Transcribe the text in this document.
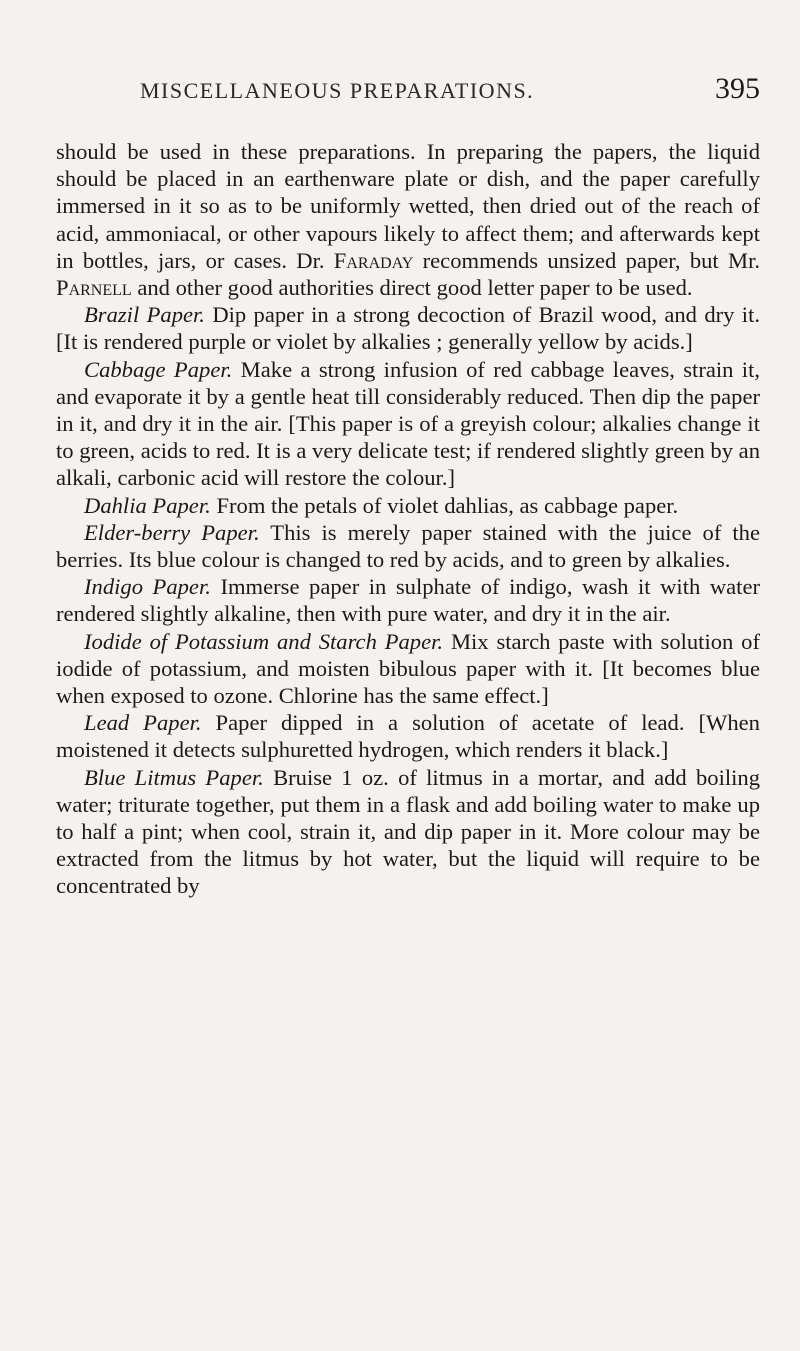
MISCELLANEOUS PREPARATIONS.	395

should be used in these preparations. In preparing the papers, the liquid should be placed in an earthenware plate or dish, and the paper carefully immersed in it so as to be uniformly wetted, then dried out of the reach of acid, ammoniacal, or other vapours likely to affect them; and afterwards kept in bottles, jars, or cases. Dr. Faraday recommends unsized paper, but Mr. Parnell and other good authorities direct good letter paper to be used.

Brazil Paper. Dip paper in a strong decoction of Brazil wood, and dry it. [It is rendered purple or violet by alkalies ; generally yellow by acids.]

Cabbage Paper. Make a strong infusion of red cabbage leaves, strain it, and evaporate it by a gentle heat till considerably reduced. Then dip the paper in it, and dry it in the air. [This paper is of a greyish colour; alkalies change it to green, acids to red. It is a very delicate test; if rendered slightly green by an alkali, carbonic acid will restore the colour.]

Dahlia Paper. From the petals of violet dahlias, as cabbage paper.

Elder-berry Paper. This is merely paper stained with the juice of the berries. Its blue colour is changed to red by acids, and to green by alkalies.

Indigo Paper. Immerse paper in sulphate of indigo, wash it with water rendered slightly alkaline, then with pure water, and dry it in the air.

Iodide of Potassium and Starch Paper. Mix starch paste with solution of iodide of potassium, and moisten bibulous paper with it. [It becomes blue when exposed to ozone. Chlorine has the same effect.]

Lead Paper. Paper dipped in a solution of acetate of lead. [When moistened it detects sulphuretted hydrogen, which renders it black.]

Blue Litmus Paper. Bruise 1 oz. of litmus in a mortar, and add boiling water; triturate together, put them in a flask and add boiling water to make up to half a pint; when cool, strain it, and dip paper in it. More colour may be extracted from the litmus by hot water, but the liquid will require to be concentrated by
